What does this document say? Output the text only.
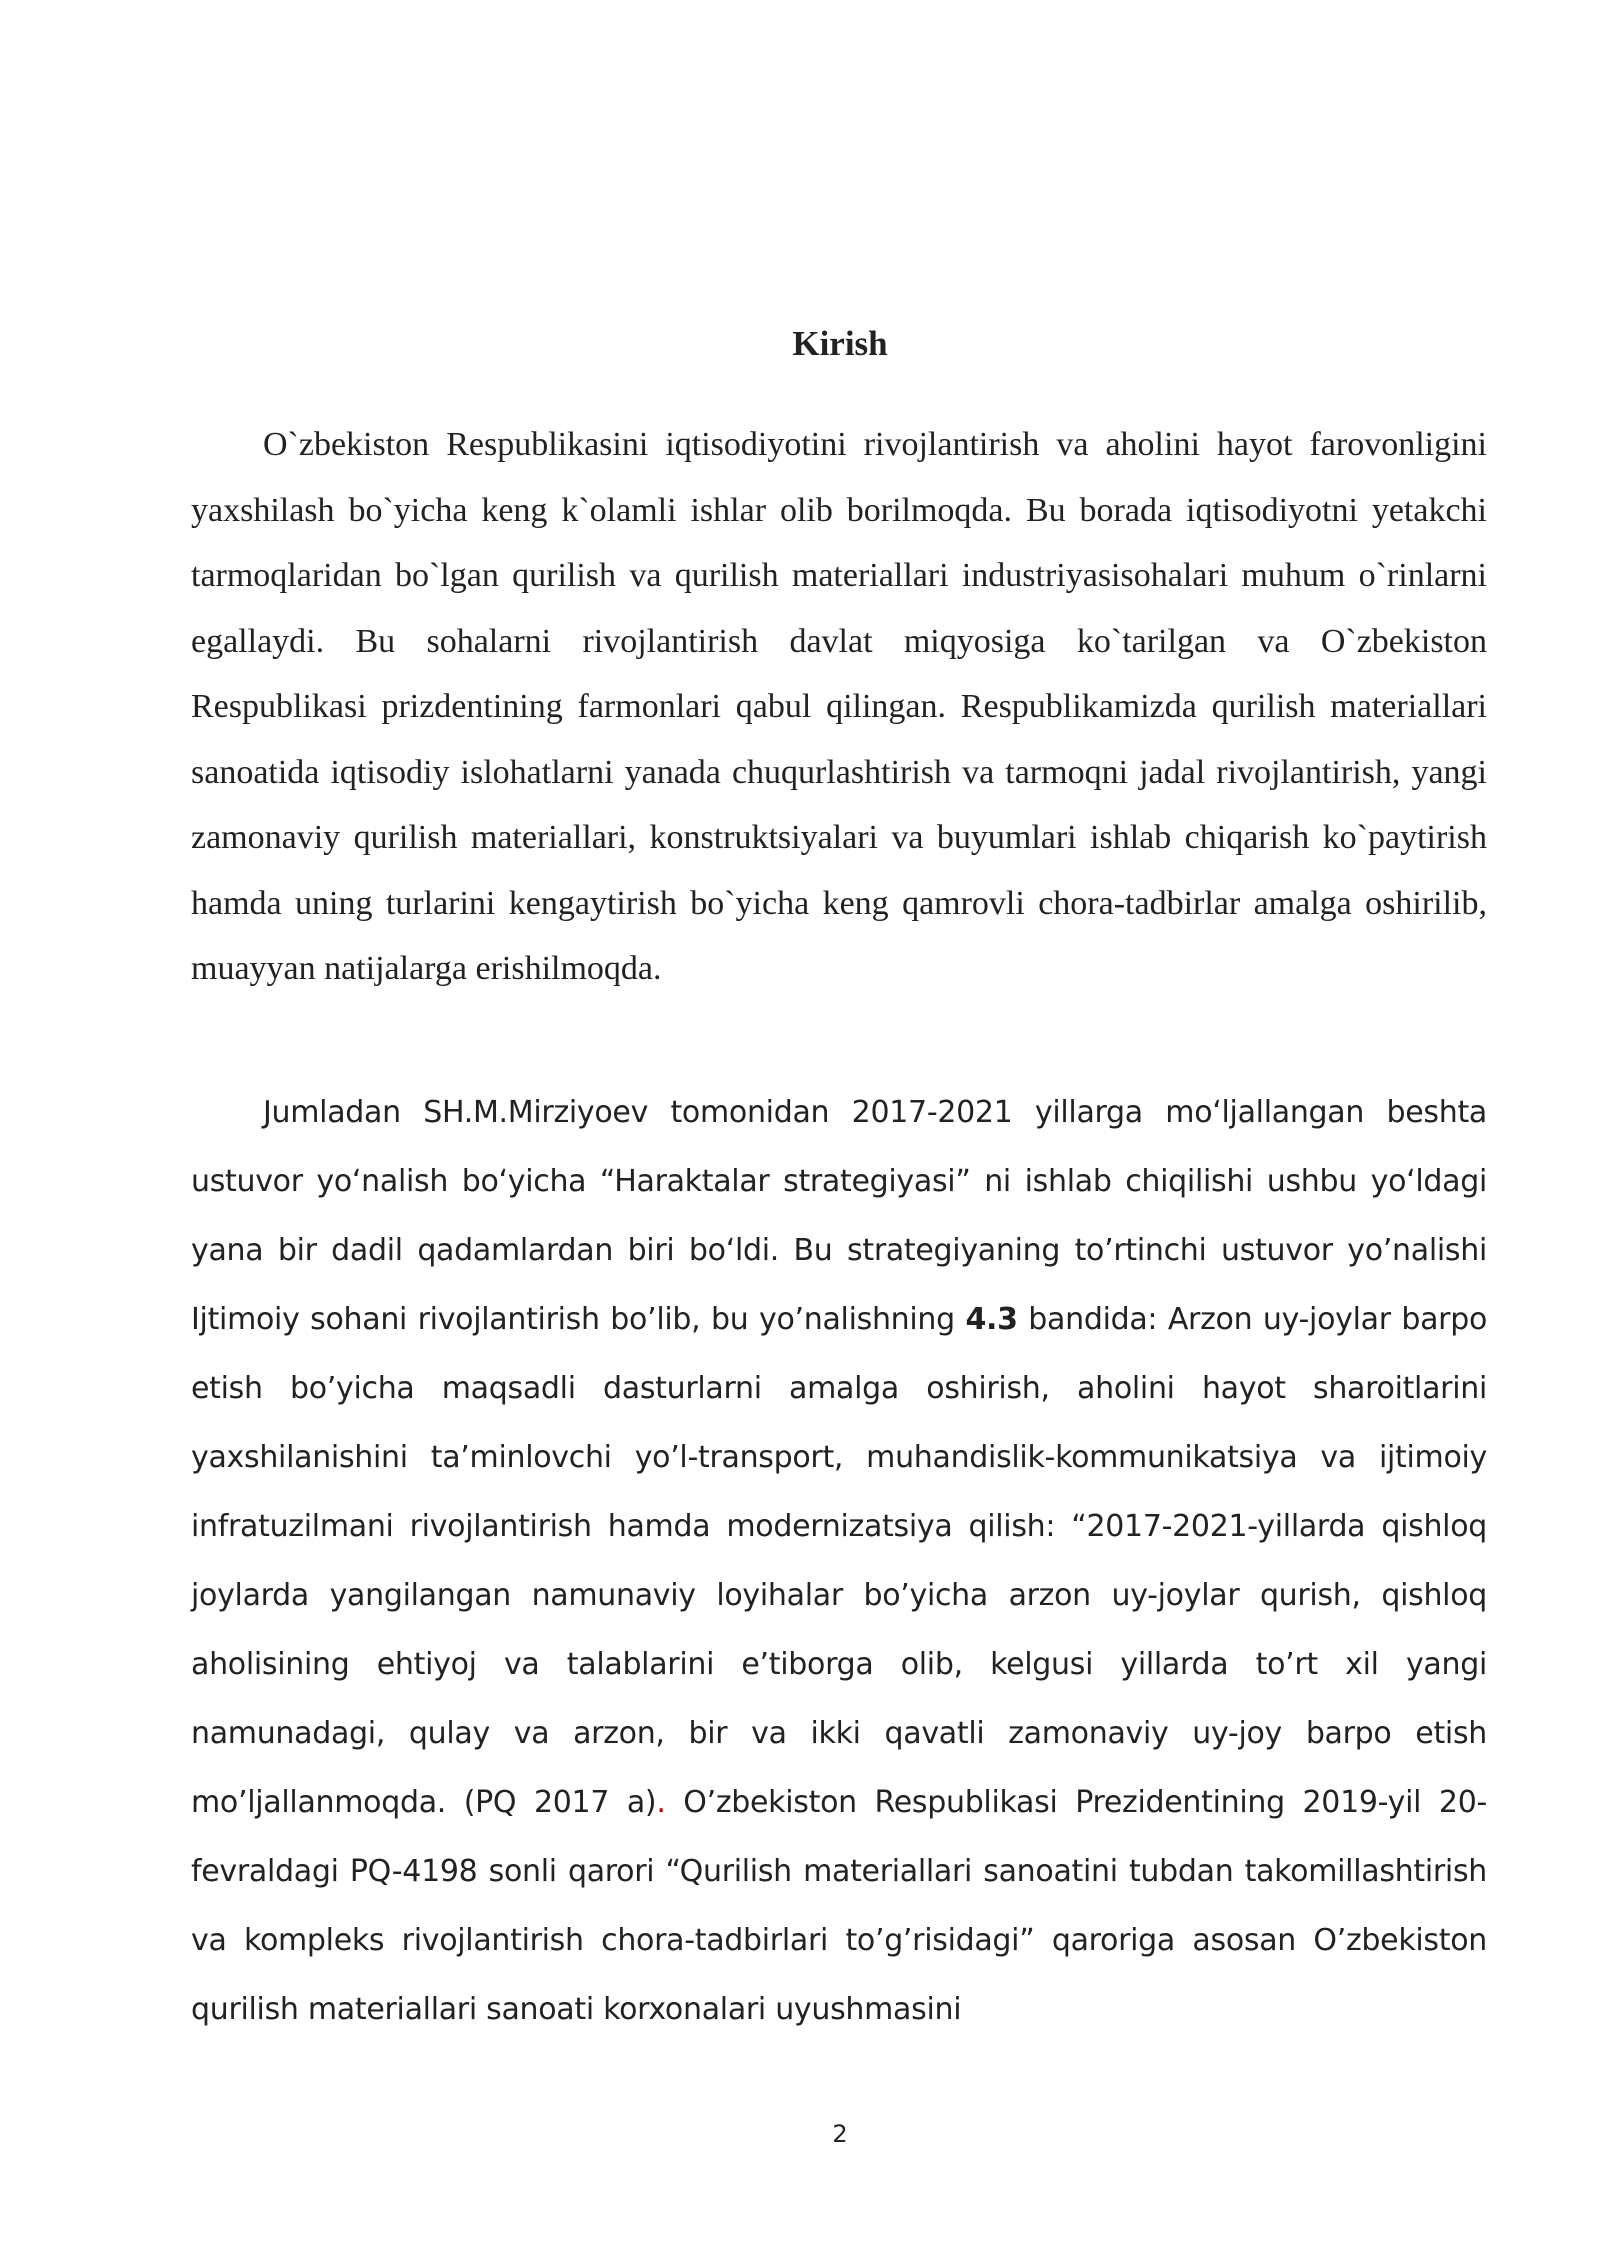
Kirish

O`zbekiston Respublikasini iqtisodiyotini rivojlantirish va aholini hayot farovonligini yaxshilash bo`yicha keng k`olamli ishlar olib borilmoqda. Bu borada iqtisodiyotni yetakchi tarmoqlaridan bo`lgan qurilish va qurilish materiallari industriyasisohalari muhum o`rinlarni egallaydi. Bu sohalarni rivojlantirish davlat miqyosiga ko`tarilgan va O`zbekiston Respublikasi prizdentining farmonlari qabul qilingan. Respublikamizda qurilish materiallari sanoatida iqtisodiy islohatlarni yanada chuqurlashtirish va tarmoqni jadal rivojlantirish, yangi zamonaviy qurilish materiallari, konstruktsiyalari va buyumlari ishlab chiqarish ko`paytirish hamda uning turlarini kengaytirish bo`yicha keng qamrovli chora-tadbirlar amalga oshirilib, muayyan natijalarga erishilmoqda.

Jumladan SH.M.Mirziyoev tomonidan 2017-2021 yillarga mo‘ljallangan beshta ustuvor yo‘nalish bo‘yicha “Haraktalar strategiyasi” ni ishlab chiqilishi ushbu yo‘ldagi yana bir dadil qadamlardan biri bo‘ldi. Bu strategiyaning to’rtinchi ustuvor yo’nalishi Ijtimoiy sohani rivojlantirish bo’lib, bu yo’nalishning 4.3 bandida: Arzon uy-joylar barpo etish bo’yicha maqsadli dasturlarni amalga oshirish, aholini hayot sharoitlarini yaxshilanishini ta’minlovchi yo’l-transport, muhandislik-kommunikatsiya va ijtimoiy infratuzilmani rivojlantirish hamda modernizatsiya qilish: “2017-2021-yillarda qishloq joylarda yangilangan namunaviy loyihalar bo’yicha arzon uy-joylar qurish, qishloq aholisining ehtiyoj va talablarini e’tiborga olib, kelgusi yillarda to’rt xil yangi namunadagi, qulay va arzon, bir va ikki qavatli zamonaviy uy-joy barpo etish mo’ljallanmoqda. (PQ 2017 a). O’zbekiston Respublikasi Prezidentining 2019-yil 20-fevraldagi PQ-4198 sonli qarori “Qurilish materiallari sanoatini tubdan takomillashtirish va kompleks rivojlantirish chora-tadbirlari to’g’risidagi” qaroriga asosan O’zbekiston qurilish materiallari sanoati korxonalari uyushmasini

2
